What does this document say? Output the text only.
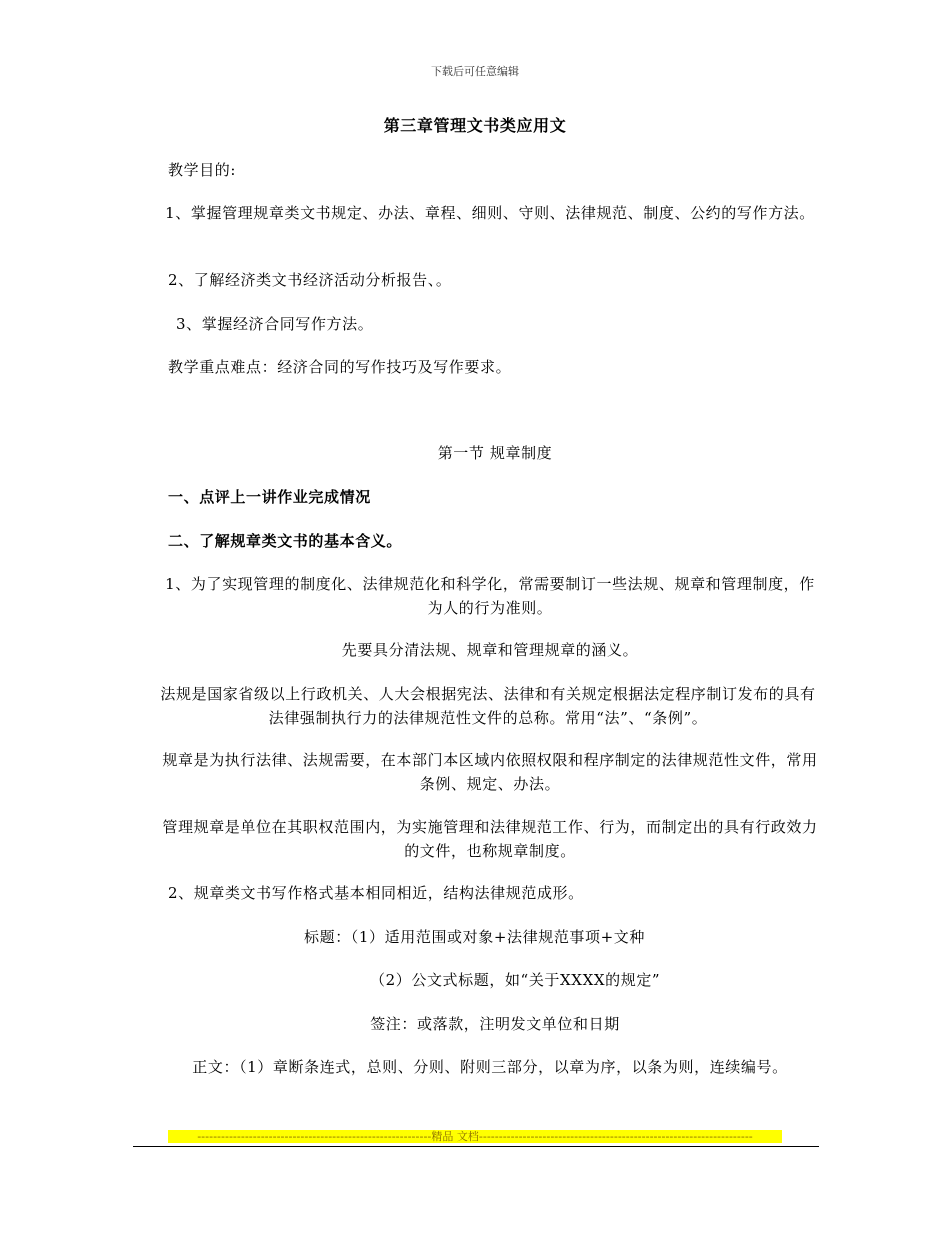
下载后可任意编辑
第三章管理文书类应用文
教学目的:
1、掌握管理规章类文书规定、办法、章程、细则、守则、法律规范、制度、公约的写作方法。
2、了解经济类文书经济活动分析报告、。
3、掌握经济合同写作方法。
教学重点难点：经济合同的写作技巧及写作要求。
第一节 规章制度
一、点评上一讲作业完成情况
二、了解规章类文书的基本含义。
1、为了实现管理的制度化、法律规范化和科学化，常需要制订一些法规、规章和管理制度，作为人的行为准则。
先要具分清法规、规章和管理规章的涵义。
法规是国家省级以上行政机关、人大会根据宪法、法律和有关规定根据法定程序制订发布的具有法律强制执行力的法律规范性文件的总称。常用“法”、“条例”。
规章是为执行法律、法规需要，在本部门本区域内依照权限和程序制定的法律规范性文件，常用条例、规定、办法。
管理规章是单位在其职权范围内，为实施管理和法律规范工作、行为，而制定出的具有行政效力的文件，也称规章制度。
2、规章类文书写作格式基本相同相近，结构法律规范成形。
标题：（1）适用范围或对象+法律规范事项+文种
（2）公文式标题，如“关于XXXX的规定”
签注：或落款，注明发文单位和日期
正文：（1）章断条连式，总则、分则、附则三部分，以章为序，以条为则，连续编号。
-----------------------------------------------------------精品 文档---------------------------------------------------------------------
